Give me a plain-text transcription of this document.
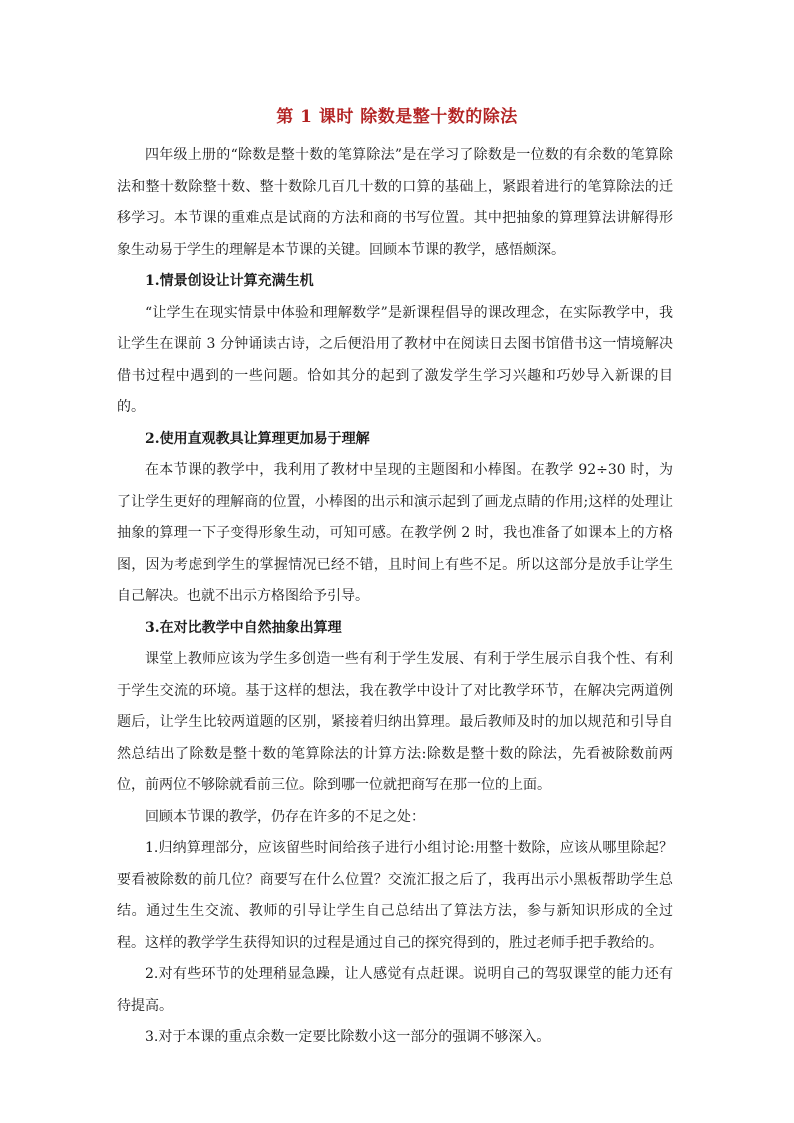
第 1 课时 除数是整十数的除法

四年级上册的“除数是整十数的笔算除法”是在学习了除数是一位数的有余数的笔算除法和整十数除整十数、整十数除几百几十数的口算的基础上，紧跟着进行的笔算除法的迁移学习。本节课的重难点是试商的方法和商的书写位置。其中把抽象的算理算法讲解得形象生动易于学生的理解是本节课的关键。回顾本节课的教学，感悟颇深。

1.情景创设让计算充满生机

“让学生在现实情景中体验和理解数学”是新课程倡导的课改理念，在实际教学中，我让学生在课前 3 分钟诵读古诗，之后便沿用了教材中在阅读日去图书馆借书这一情境解决借书过程中遇到的一些问题。恰如其分的起到了激发学生学习兴趣和巧妙导入新课的目的。

2.使用直观教具让算理更加易于理解

在本节课的教学中，我利用了教材中呈现的主题图和小棒图。在教学 92÷30 时，为了让学生更好的理解商的位置，小棒图的出示和演示起到了画龙点睛的作用;这样的处理让抽象的算理一下子变得形象生动，可知可感。在教学例 2 时，我也准备了如课本上的方格图，因为考虑到学生的掌握情况已经不错，且时间上有些不足。所以这部分是放手让学生自己解决。也就不出示方格图给予引导。

3.在对比教学中自然抽象出算理

课堂上教师应该为学生多创造一些有利于学生发展、有利于学生展示自我个性、有利于学生交流的环境。基于这样的想法，我在教学中设计了对比教学环节，在解决完两道例题后，让学生比较两道题的区别，紧接着归纳出算理。最后教师及时的加以规范和引导自然总结出了除数是整十数的笔算除法的计算方法:除数是整十数的除法，先看被除数前两位，前两位不够除就看前三位。除到哪一位就把商写在那一位的上面。

回顾本节课的教学，仍存在许多的不足之处：

1.归纳算理部分，应该留些时间给孩子进行小组讨论:用整十数除，应该从哪里除起？要看被除数的前几位？商要写在什么位置？交流汇报之后了，我再出示小黑板帮助学生总结。通过生生交流、教师的引导让学生自己总结出了算法方法，参与新知识形成的全过程。这样的教学学生获得知识的过程是通过自己的探究得到的，胜过老师手把手教给的。

2.对有些环节的处理稍显急躁，让人感觉有点赶课。说明自己的驾驭课堂的能力还有待提高。

3.对于本课的重点余数一定要比除数小这一部分的强调不够深入。
